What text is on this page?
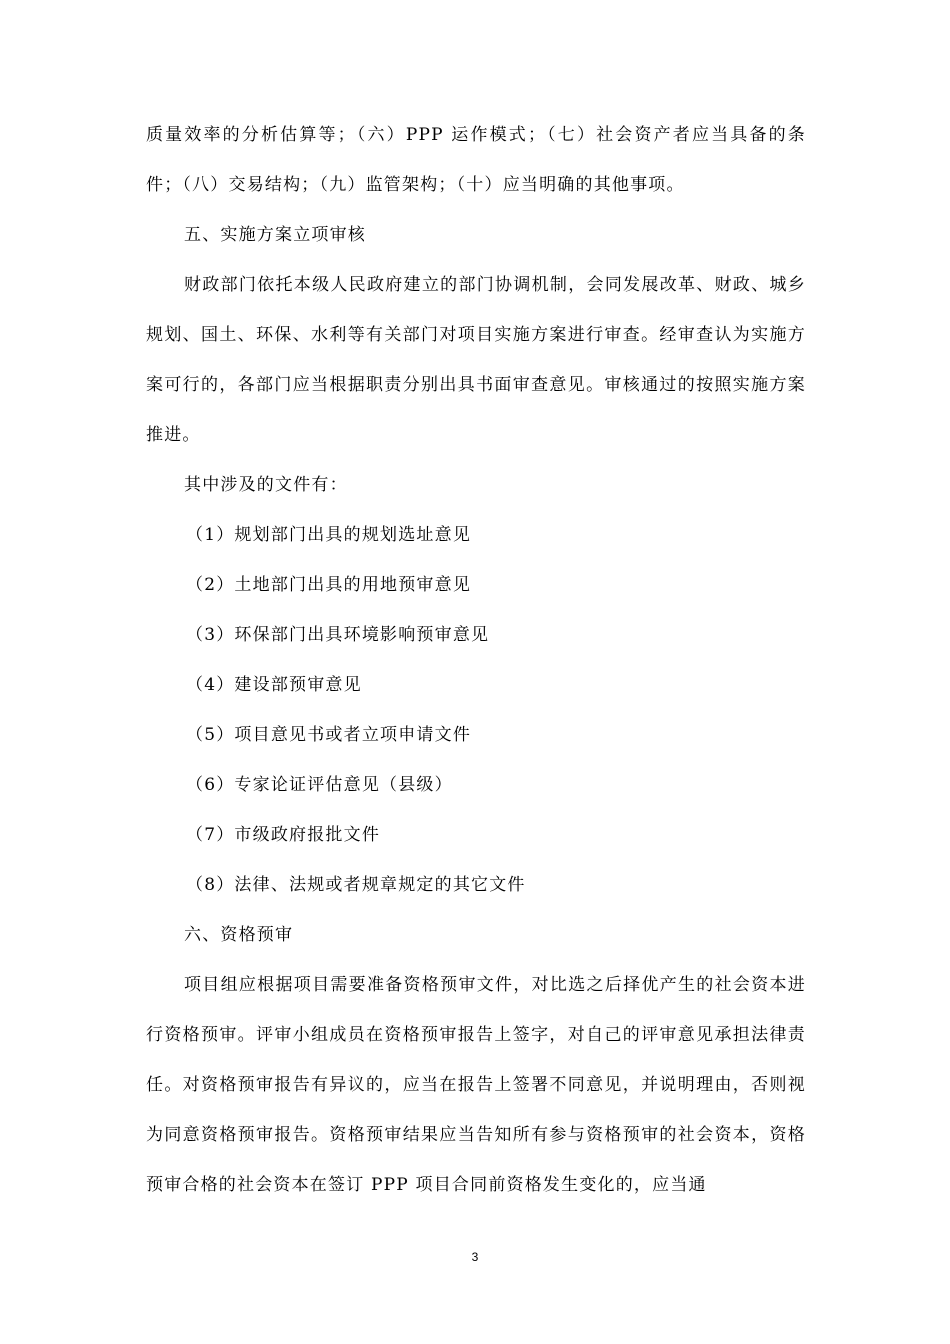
质量效率的分析估算等；（六）PPP 运作模式；（七）社会资产者应当具备的条件；（八）交易结构；（九）监管架构；（十）应当明确的其他事项。

五、实施方案立项审核

财政部门依托本级人民政府建立的部门协调机制，会同发展改革、财政、城乡规划、国土、环保、水利等有关部门对项目实施方案进行审查。经审查认为实施方案可行的，各部门应当根据职责分别出具书面审查意见。审核通过的按照实施方案推进。

其中涉及的文件有：

（1）规划部门出具的规划选址意见

（2）土地部门出具的用地预审意见

（3）环保部门出具环境影响预审意见

（4）建设部预审意见

（5）项目意见书或者立项申请文件

（6）专家论证评估意见（县级）

（7）市级政府报批文件

（8）法律、法规或者规章规定的其它文件

六、资格预审

项目组应根据项目需要准备资格预审文件，对比选之后择优产生的社会资本进行资格预审。评审小组成员在资格预审报告上签字，对自己的评审意见承担法律责任。对资格预审报告有异议的，应当在报告上签署不同意见，并说明理由，否则视为同意资格预审报告。资格预审结果应当告知所有参与资格预审的社会资本，资格预审合格的社会资本在签订 PPP 项目合同前资格发生变化的，应当通

3
